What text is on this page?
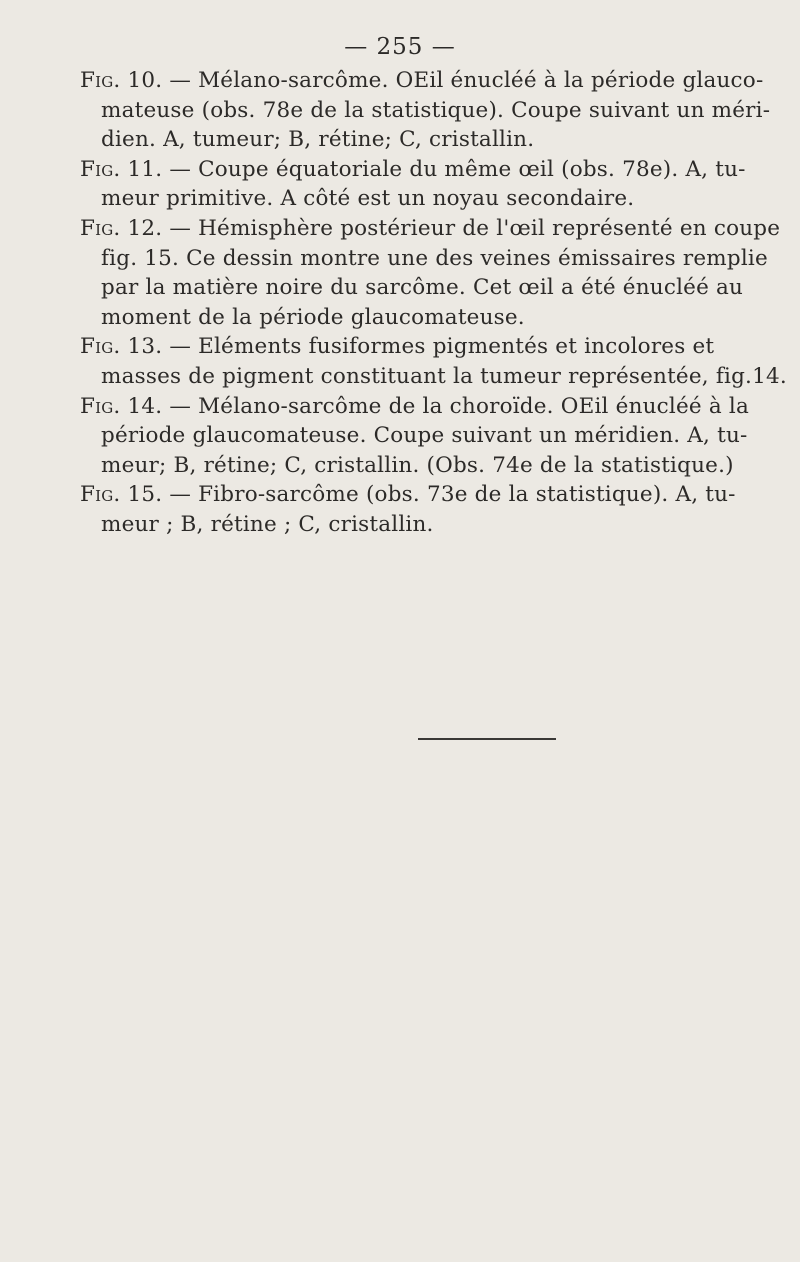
— 255 —
Fig. 10. — Mélano-sarcôme. OEil énucléé à la période glauco-
mateuse (obs. 78e de la statistique). Coupe suivant un méri-
dien. A, tumeur; B, rétine; C, cristallin.
Fig. 11. — Coupe équatoriale du même œil (obs. 78e). A, tu-
meur primitive. A côté est un noyau secondaire.
Fig. 12. — Hémisphère postérieur de l'œil représenté en coupe
fig. 15. Ce dessin montre une des veines émissaires remplie
par la matière noire du sarcôme. Cet œil a été énucléé au
moment de la période glaucomateuse.
Fig. 13. — Eléments fusiformes pigmentés et incolores et
masses de pigment constituant la tumeur représentée, fig.14.
Fig. 14. — Mélano-sarcôme de la choroïde. OEil énucléé à la
période glaucomateuse. Coupe suivant un méridien. A, tu-
meur; B, rétine; C, cristallin. (Obs. 74e de la statistique.)
Fig. 15. — Fibro-sarcôme (obs. 73e de la statistique). A, tu-
meur ; B, rétine ; C, cristallin.
